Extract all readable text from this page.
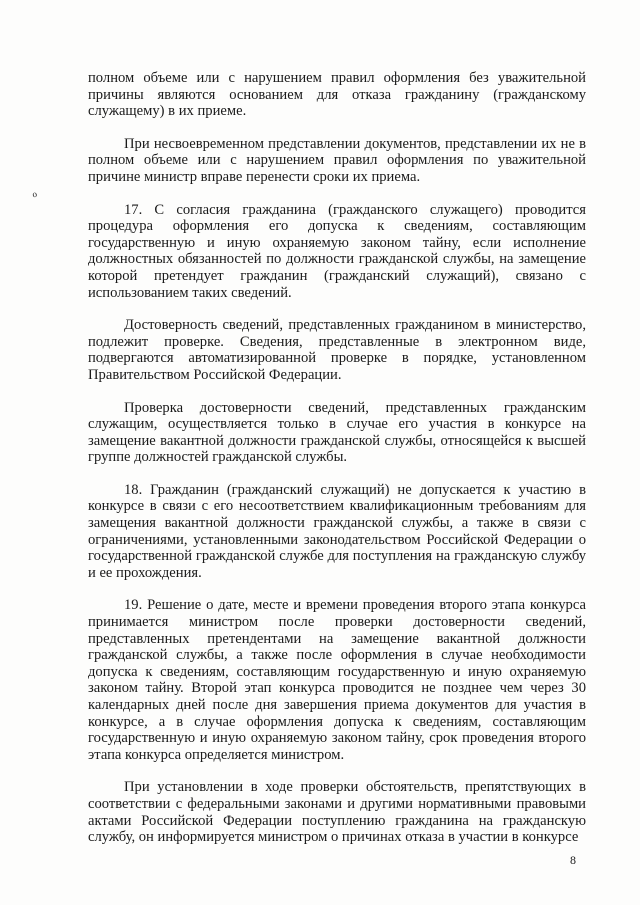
ℴ

полном объеме или с нарушением правил оформления без уважительной причины являются основанием для отказа гражданину (гражданскому служащему) в их приеме.

При несвоевременном представлении документов, представлении их не в полном объеме или с нарушением правил оформления по уважительной причине министр вправе перенести сроки их приема.

17. С согласия гражданина (гражданского служащего) проводится процедура оформления его допуска к сведениям, составляющим государственную и иную охраняемую законом тайну, если исполнение должностных обязанностей по должности гражданской службы, на замещение которой претендует гражданин (гражданский служащий), связано с использованием таких сведений.

Достоверность сведений, представленных гражданином в министерство, подлежит проверке. Сведения, представленные в электронном виде, подвергаются автоматизированной проверке в порядке, установленном Правительством Российской Федерации.

Проверка достоверности сведений, представленных гражданским служащим, осуществляется только в случае его участия в конкурсе на замещение вакантной должности гражданской службы, относящейся к высшей группе должностей гражданской службы.

18. Гражданин (гражданский служащий) не допускается к участию в конкурсе в связи с его несоответствием квалификационным требованиям для замещения вакантной должности гражданской службы, а также в связи с ограничениями, установленными законодательством Российской Федерации о государственной гражданской службе для поступления на гражданскую службу и ее прохождения.

19. Решение о дате, месте и времени проведения второго этапа конкурса принимается министром после проверки достоверности сведений, представленных претендентами на замещение вакантной должности гражданской службы, а также после оформления в случае необходимости допуска к сведениям, составляющим государственную и иную охраняемую законом тайну. Второй этап конкурса проводится не позднее чем через 30 календарных дней после дня завершения приема документов для участия в конкурсе, а в случае оформления допуска к сведениям, составляющим государственную и иную охраняемую законом тайну, срок проведения второго этапа конкурса определяется министром.

При установлении в ходе проверки обстоятельств, препятствующих в соответствии с федеральными законами и другими нормативными правовыми актами Российской Федерации поступлению гражданина на гражданскую службу, он информируется министром о причинах отказа в участии в конкурсе

8
